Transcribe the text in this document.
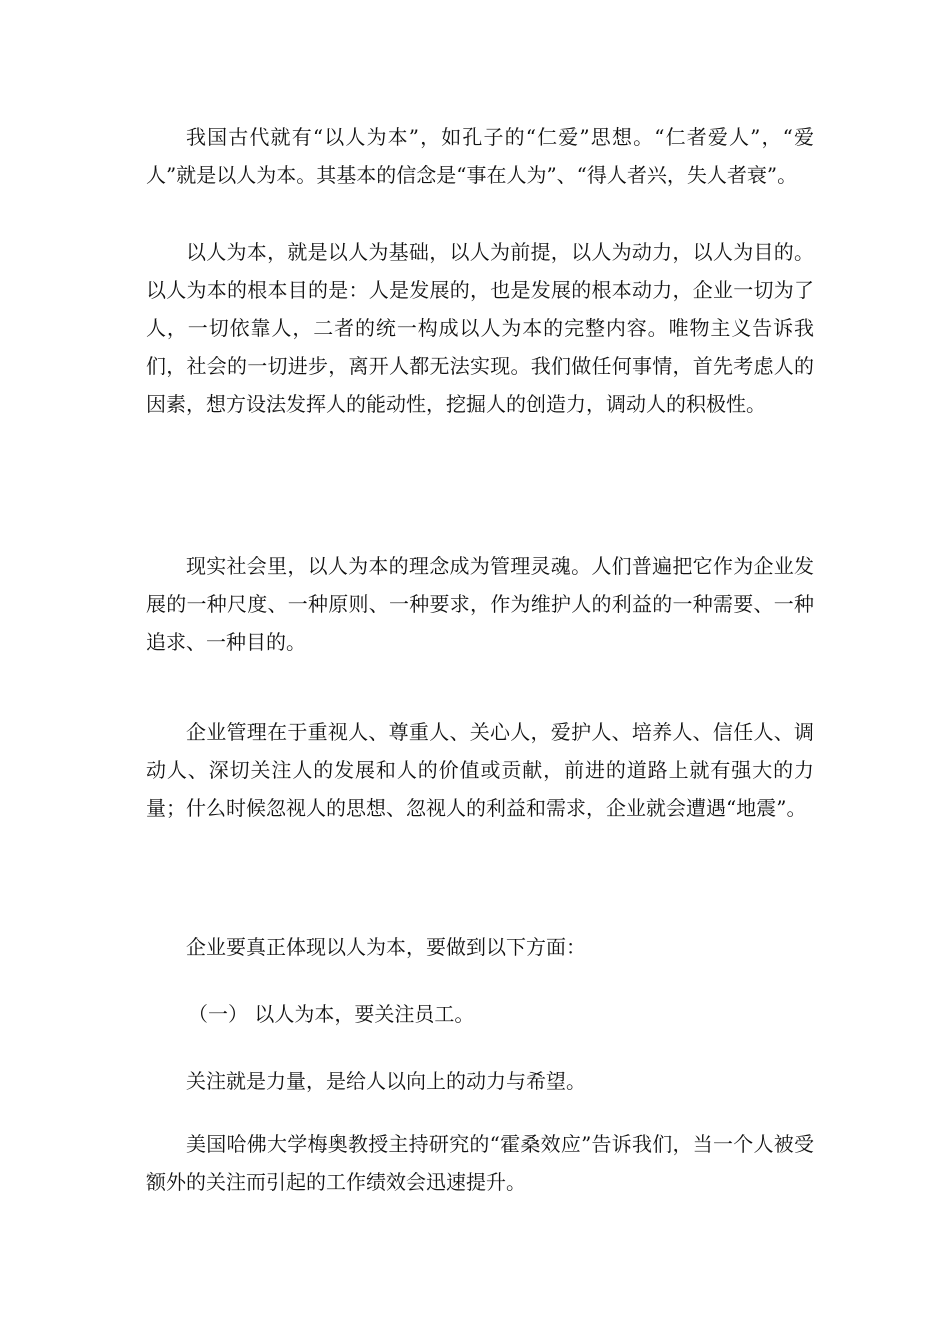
我国古代就有“以人为本”，如孔子的“仁爱”思想。“仁者爱人”，“爱人”就是以人为本。其基本的信念是“事在人为”、“得人者兴，失人者衰”。

以人为本，就是以人为基础，以人为前提，以人为动力，以人为目的。以人为本的根本目的是：人是发展的，也是发展的根本动力，企业一切为了人，一切依靠人，二者的统一构成以人为本的完整内容。唯物主义告诉我们，社会的一切进步，离开人都无法实现。我们做任何事情，首先考虑人的因素，想方设法发挥人的能动性，挖掘人的创造力，调动人的积极性。

现实社会里，以人为本的理念成为管理灵魂。人们普遍把它作为企业发展的一种尺度、一种原则、一种要求，作为维护人的利益的一种需要、一种追求、一种目的。

企业管理在于重视人、尊重人、关心人，爱护人、培养人、信任人、调动人、深切关注人的发展和人的价值或贡献，前进的道路上就有强大的力量；什么时候忽视人的思想、忽视人的利益和需求，企业就会遭遇“地震”。

企业要真正体现以人为本，要做到以下方面：

（一） 以人为本，要关注员工。

关注就是力量，是给人以向上的动力与希望。

美国哈佛大学梅奥教授主持研究的“霍桑效应”告诉我们，当一个人被受额外的关注而引起的工作绩效会迅速提升。
